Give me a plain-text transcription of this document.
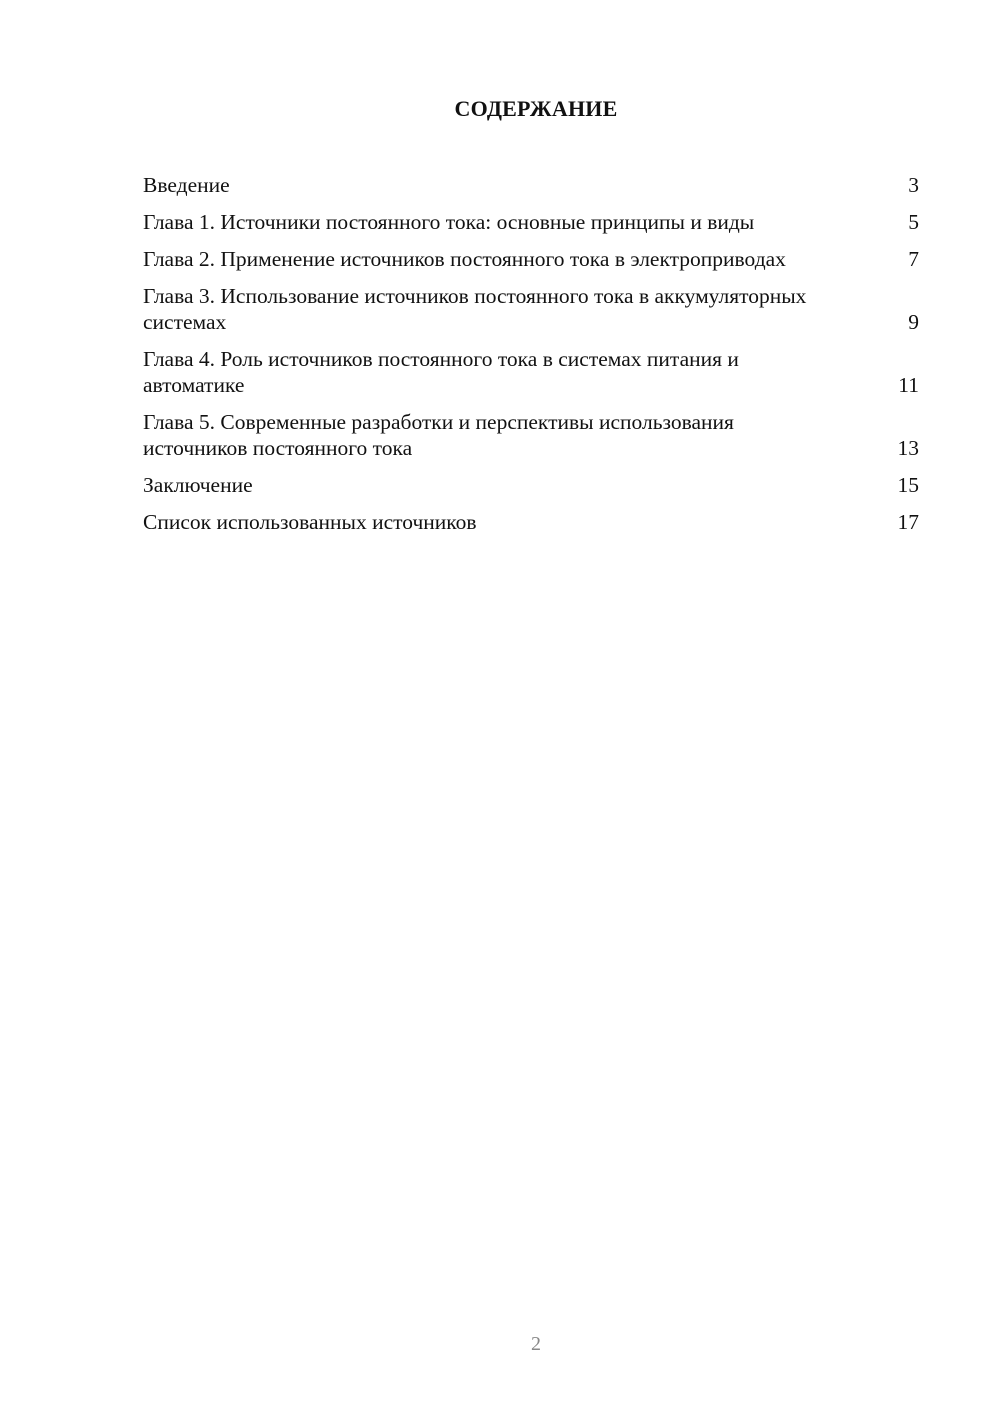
СОДЕРЖАНИЕ
Введение	3
Глава 1. Источники постоянного тока: основные принципы и виды	5
Глава 2. Применение источников постоянного тока в электроприводах	7
Глава 3. Использование источников постоянного тока в аккумуляторных системах	9
Глава 4. Роль источников постоянного тока в системах питания и автоматике	11
Глава 5. Современные разработки и перспективы использования источников постоянного тока	13
Заключение	15
Список использованных источников	17
2
